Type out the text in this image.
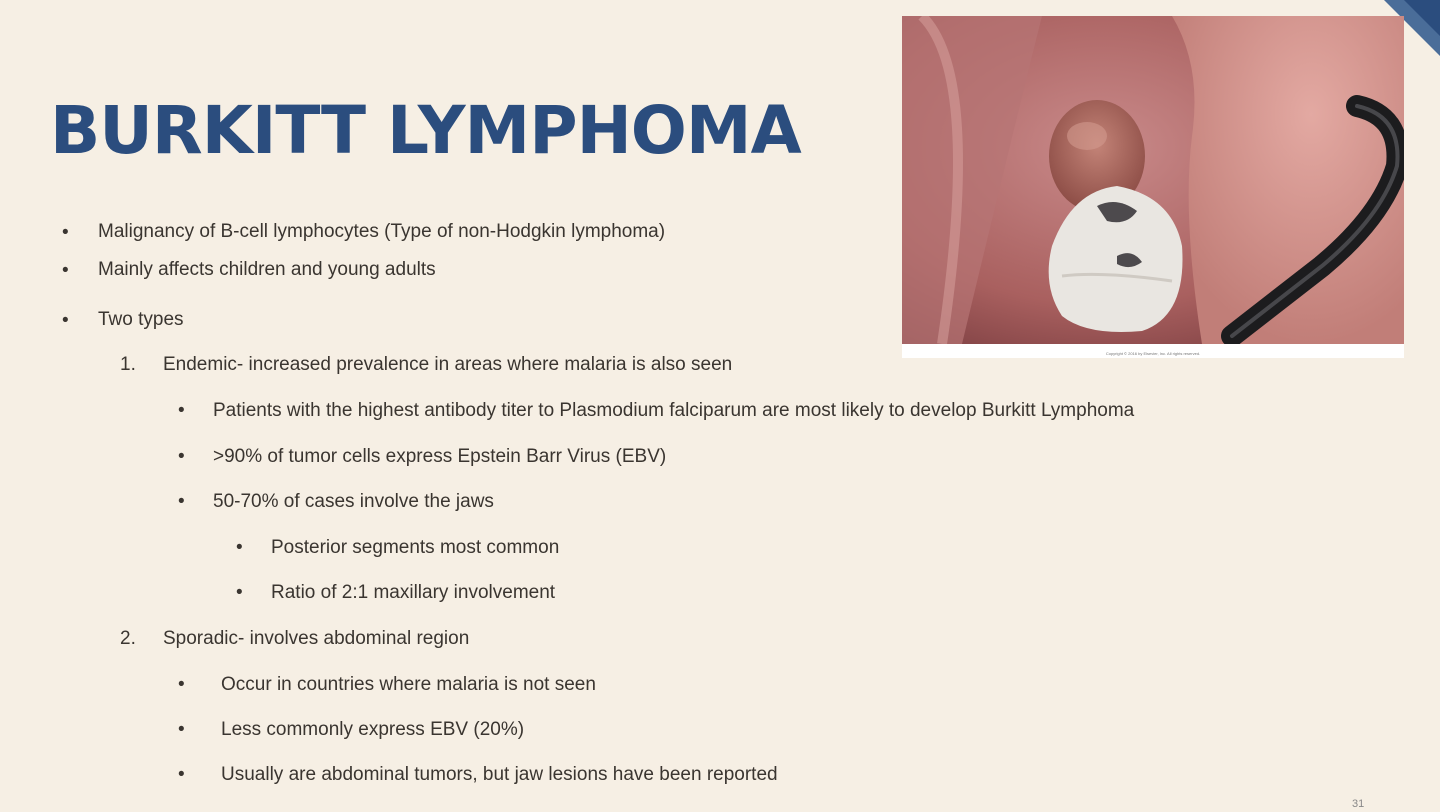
BURKITT LYMPHOMA
Copyright © 2016 by Elsevier, Inc. All rights reserved.
• Malignancy of B-cell lymphocytes (Type of non-Hodgkin lymphoma)
• Mainly affects children and young adults
• Two types
1. Endemic- increased prevalence in areas where malaria is also seen
• Patients with the highest antibody titer to Plasmodium falciparum are most likely to develop Burkitt Lymphoma
• >90% of tumor cells express Epstein Barr Virus (EBV)
• 50-70% of cases involve the jaws
• Posterior segments most common
• Ratio of 2:1 maxillary involvement
2. Sporadic- involves abdominal region
• Occur in countries where malaria is not seen
• Less commonly express EBV (20%)
• Usually are abdominal tumors, but jaw lesions have been reported
31
